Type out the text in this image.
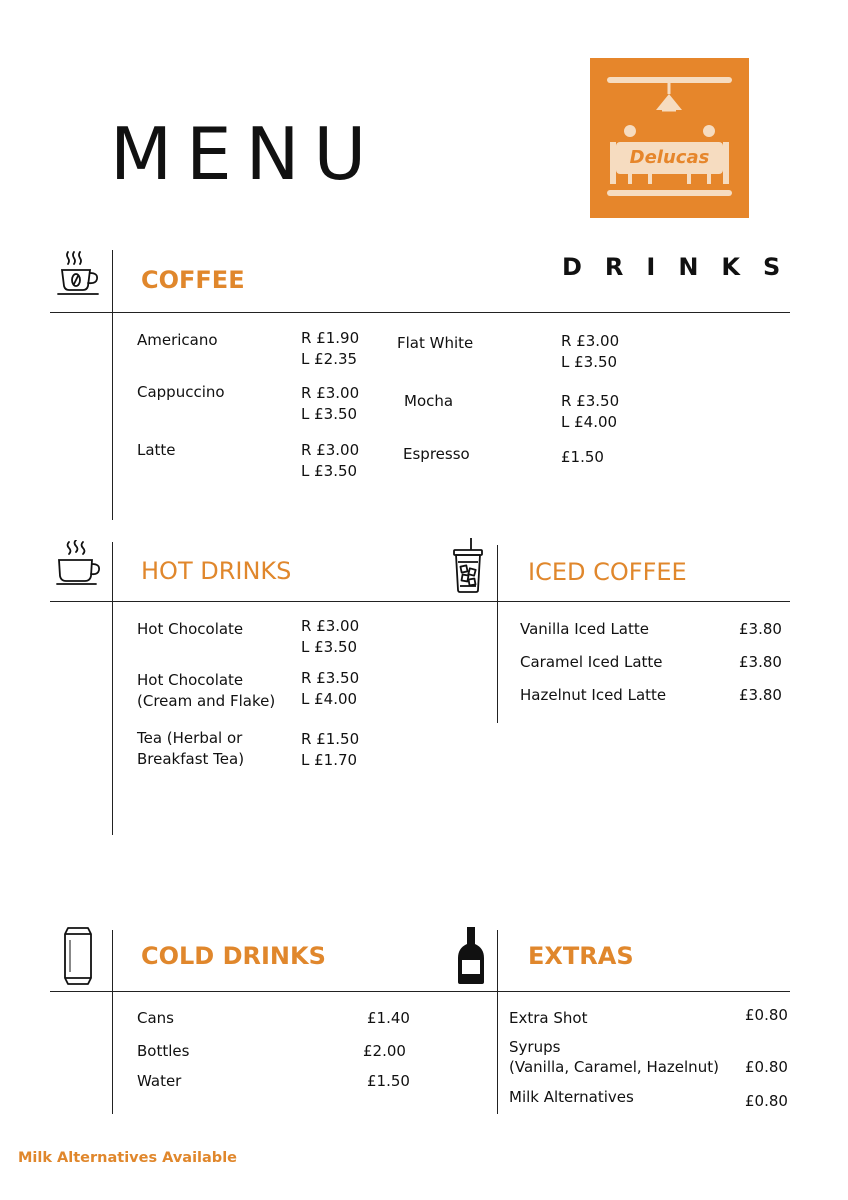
MENU
DRINKS
Delucas
COFFEE
Americano	R £1.90
L £2.35
Cappuccino	R £3.00
L £3.50
Latte	R £3.00
L £3.50
Flat White	R £3.00
L £3.50
Mocha	R £3.50
L £4.00
Espresso	£1.50
HOT DRINKS
Hot Chocolate	R £3.00
L £3.50
Hot Chocolate
(Cream and Flake)
R £3.50
L £4.00
Tea (Herbal or
Breakfast Tea)
R £1.50
L £1.70
ICED COFFEE
Vanilla Iced Latte	£3.80
Caramel Iced Latte	£3.80
Hazelnut Iced Latte	£3.80
COLD DRINKS
Cans	£1.40
Bottles	£2.00
Water	£1.50
EXTRAS
Extra Shot	£0.80
Syrups
(Vanilla, Caramel, Hazelnut) £0.80
Milk Alternatives	£0.80
Milk Alternatives Available
